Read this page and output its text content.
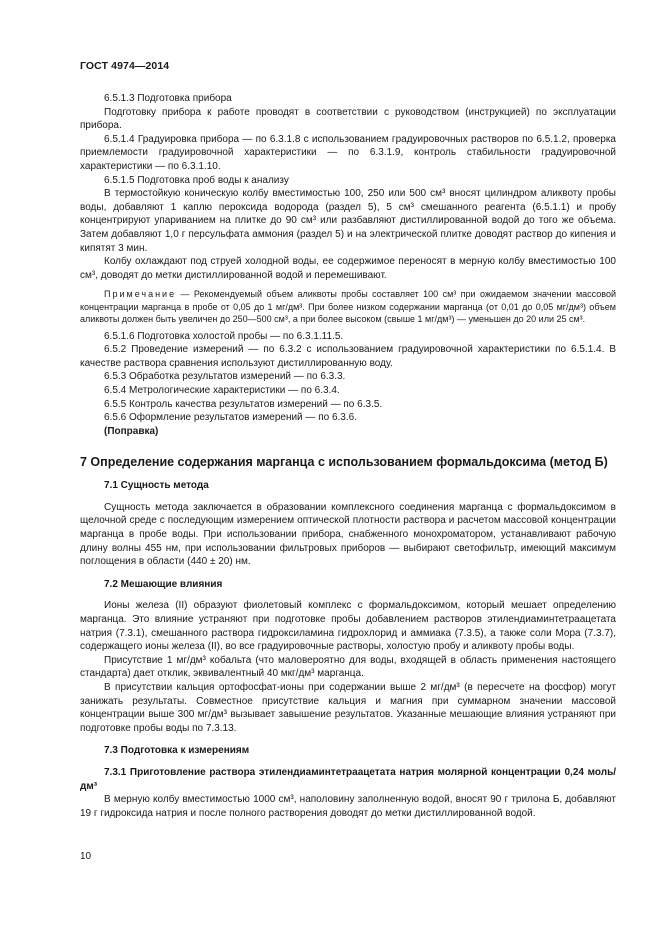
ГОСТ 4974—2014

6.5.1.3 Подготовка прибора

Подготовку прибора к работе проводят в соответствии с руководством (инструкцией) по эксплуатации прибора.

6.5.1.4 Градуировка прибора — по 6.3.1.8 с использованием градуировочных растворов по 6.5.1.2, проверка приемлемости градуировочной характеристики — по 6.3.1.9, контроль стабильности градуировочной характеристики — по 6.3.1.10.

6.5.1.5 Подготовка проб воды к анализу

В термостойкую коническую колбу вместимостью 100, 250 или 500 см³ вносят цилиндром аликвоту пробы воды, добавляют 1 каплю пероксида водорода (раздел 5), 5 см³ смешанного реагента (6.5.1.1) и пробу концентрируют упариванием на плитке до 90 см³ или разбавляют дистиллированной водой до того же объема. Затем добавляют 1,0 г персульфата аммония (раздел 5) и на электрической плитке доводят раствор до кипения и кипятят 3 мин.

Колбу охлаждают под струей холодной воды, ее содержимое переносят в мерную колбу вместимостью 100 см³, доводят до метки дистиллированной водой и перемешивают.

Примечание — Рекомендуемый объем аликвоты пробы составляет 100 см³ при ожидаемом значении массовой концентрации марганца в пробе от 0,05 до 1 мг/дм³. При более низком содержании марганца (от 0,01 до 0,05 мг/дм³) объем аликвоты должен быть увеличен до 250—500 см³, а при более высоком (свыше 1 мг/дм³) — уменьшен до 20 или 25 см³.

6.5.1.6 Подготовка холостой пробы — по 6.3.1.11.5.

6.5.2 Проведение измерений — по 6.3.2 с использованием градуировочной характеристики по 6.5.1.4. В качестве раствора сравнения используют дистиллированную воду.

6.5.3 Обработка результатов измерений — по 6.3.3.

6.5.4 Метрологические характеристики — по 6.3.4.

6.5.5 Контроль качества результатов измерений — по 6.3.5.

6.5.6 Оформление результатов измерений — по 6.3.6.

(Поправка)

7 Определение содержания марганца с использованием формальдоксима (метод Б)
7.1 Сущность метода

Сущность метода заключается в образовании комплексного соединения марганца с формальдоксимом в щелочной среде с последующим измерением оптической плотности раствора и расчетом массовой концентрации марганца в пробе воды. При использовании прибора, снабженного монохроматором, устанавливают рабочую длину волны 455 нм, при использовании фильтровых приборов — выбирают светофильтр, имеющий максимум поглощения в области (440 ± 20) нм.

7.2 Мешающие влияния

Ионы железа (II) образуют фиолетовый комплекс с формальдоксимом, который мешает определению марганца. Это влияние устраняют при подготовке пробы добавлением растворов этилендиаминтетраацетата натрия (7.3.1), смешанного раствора гидроксиламина гидрохлорид и аммиака (7.3.5), а также соли Мора (7.3.7), содержащего ионы железа (II), во все градуировочные растворы, холостую пробу и аликвоту пробы воды.

Присутствие 1 мг/дм³ кобальта (что маловероятно для воды, входящей в область применения настоящего стандарта) дает отклик, эквивалентный 40 мкг/дм³ марганца.

В присутствии кальция ортофосфат-ионы при содержании выше 2 мг/дм³ (в пересчете на фосфор) могут занижать результаты. Совместное присутствие кальция и магния при суммарном значении массовой концентрации выше 300 мг/дм³ вызывает завышение результатов. Указанные мешающие влияния устраняют при подготовке пробы воды по 7.3.13.

7.3 Подготовка к измерениям

7.3.1 Приготовление раствора этилендиаминтетраацетата натрия молярной концентрации 0,24 моль/дм³

В мерную колбу вместимостью 1000 см³, наполовину заполненную водой, вносят 90 г трилона Б, добавляют 19 г гидроксида натрия и после полного растворения доводят до метки дистиллированной водой.

10
